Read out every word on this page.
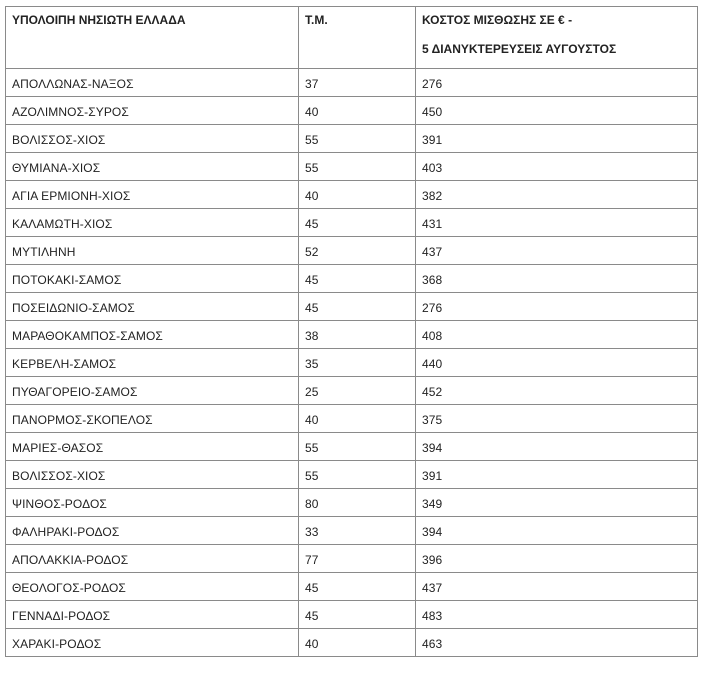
ΥΠΟΛΟΙΠΗ ΝΗΣΙΩΤΗ ΕΛΛΑΔΑ	Τ.Μ.	ΚΟΣΤΟΣ ΜΙΣΘΩΣΗΣ ΣΕ € -
5 ΔΙΑΝΥΚΤΕΡΕΥΣΕΙΣ ΑΥΓΟΥΣΤΟΣ

ΑΠΟΛΛΩΝΑΣ-ΝΑΞΟΣ	37	276
ΑΖΟΛΙΜΝΟΣ-ΣΥΡΟΣ	40	450
ΒΟΛΙΣΣΟΣ-ΧΙΟΣ	55	391
ΘΥΜΙΑΝΑ-ΧΙΟΣ	55	403
ΑΓΙΑ ΕΡΜΙΟΝΗ-ΧΙΟΣ	40	382
ΚΑΛΑΜΩΤΗ-ΧΙΟΣ	45	431
ΜΥΤΙΛΗΝΗ	52	437
ΠΟΤΟΚΑΚΙ-ΣΑΜΟΣ	45	368
ΠΟΣΕΙΔΩΝΙΟ-ΣΑΜΟΣ	45	276
ΜΑΡΑΘΟΚΑΜΠΟΣ-ΣΑΜΟΣ	38	408
ΚΕΡΒΕΛΗ-ΣΑΜΟΣ	35	440
ΠΥΘΑΓΟΡΕΙΟ-ΣΑΜΟΣ	25	452
ΠΑΝΟΡΜΟΣ-ΣΚΟΠΕΛΟΣ	40	375
ΜΑΡΙΕΣ-ΘΑΣΟΣ	55	394
ΒΟΛΙΣΣΟΣ-ΧΙΟΣ	55	391
ΨΙΝΘΟΣ-ΡΟΔΟΣ	80	349
ΦΑΛΗΡΑΚΙ-ΡΟΔΟΣ	33	394
ΑΠΟΛΑΚΚΙΑ-ΡΟΔΟΣ	77	396
ΘΕΟΛΟΓΟΣ-ΡΟΔΟΣ	45	437
ΓΕΝΝΑΔΙ-ΡΟΔΟΣ	45	483
ΧΑΡΑΚΙ-ΡΟΔΟΣ	40	463
